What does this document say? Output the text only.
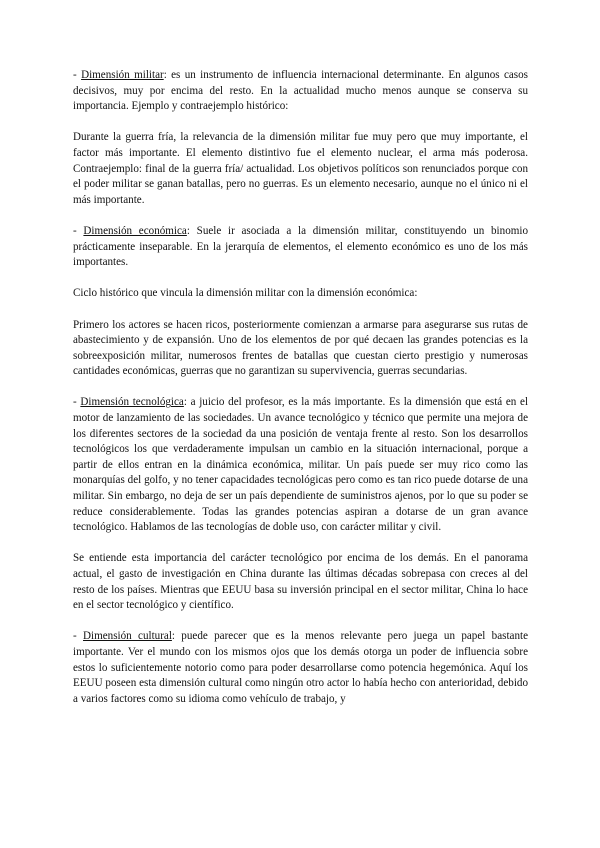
- Dimensión militar: es un instrumento de influencia internacional determinante. En algunos casos decisivos, muy por encima del resto. En la actualidad mucho menos aunque se conserva su importancia. Ejemplo y contraejemplo histórico:

Durante la guerra fría, la relevancia de la dimensión militar fue muy pero que muy importante, el factor más importante. El elemento distintivo fue el elemento nuclear, el arma más poderosa. Contraejemplo: final de la guerra fría/ actualidad. Los objetivos políticos son renunciados porque con el poder militar se ganan batallas, pero no guerras. Es un elemento necesario, aunque no el único ni el más importante.

- Dimensión económica: Suele ir asociada a la dimensión militar, constituyendo un binomio prácticamente inseparable. En la jerarquía de elementos, el elemento económico es uno de los más importantes.

Ciclo histórico que vincula la dimensión militar con la dimensión económica:

Primero los actores se hacen ricos, posteriormente comienzan a armarse para asegurarse sus rutas de abastecimiento y de expansión. Uno de los elementos de por qué decaen las grandes potencias es la sobreexposición militar, numerosos frentes de batallas que cuestan cierto prestigio y numerosas cantidades económicas, guerras que no garantizan su supervivencia, guerras secundarias.

- Dimensión tecnológica: a juicio del profesor, es la más importante. Es la dimensión que está en el motor de lanzamiento de las sociedades. Un avance tecnológico y técnico que permite una mejora de los diferentes sectores de la sociedad da una posición de ventaja frente al resto. Son los desarrollos tecnológicos los que verdaderamente impulsan un cambio en la situación internacional, porque a partir de ellos entran en la dinámica económica, militar. Un país puede ser muy rico como las monarquías del golfo, y no tener capacidades tecnológicas pero como es tan rico puede dotarse de una militar. Sin embargo, no deja de ser un país dependiente de suministros ajenos, por lo que su poder se reduce considerablemente. Todas las grandes potencias aspiran a dotarse de un gran avance tecnológico. Hablamos de las tecnologías de doble uso, con carácter militar y civil.

Se entiende esta importancia del carácter tecnológico por encima de los demás. En el panorama actual, el gasto de investigación en China durante las últimas décadas sobrepasa con creces al del resto de los países. Mientras que EEUU basa su inversión principal en el sector militar, China lo hace en el sector tecnológico y científico.

- Dimensión cultural: puede parecer que es la menos relevante pero juega un papel bastante importante. Ver el mundo con los mismos ojos que los demás otorga un poder de influencia sobre estos lo suficientemente notorio como para poder desarrollarse como potencia hegemónica. Aquí los EEUU poseen esta dimensión cultural como ningún otro actor lo había hecho con anterioridad, debido a varios factores como su idioma como vehículo de trabajo, y
